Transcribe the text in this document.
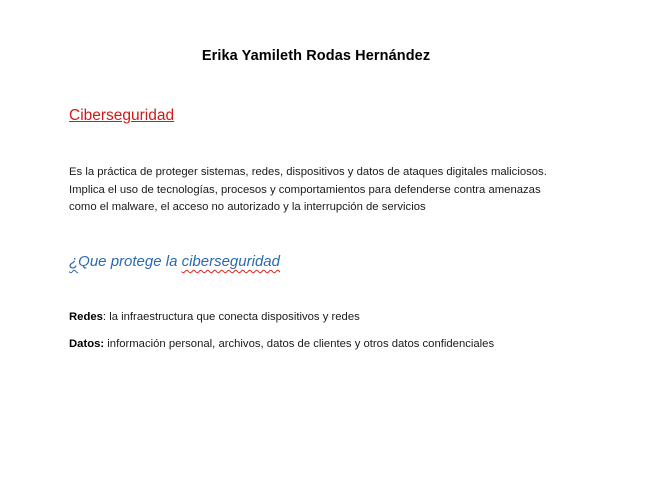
Erika Yamileth Rodas Hernández
Ciberseguridad

Es la práctica de proteger sistemas, redes, dispositivos y datos de ataques digitales maliciosos.

Implica el uso de tecnologías, procesos y comportamientos para defenderse contra amenazas

como el malware, el acceso no autorizado y la interrupción de servicios

¿Que protege la ciberseguridad
Redes: la infraestructura que conecta dispositivos y redes
Datos: información personal, archivos, datos de clientes y otros datos confidenciales
